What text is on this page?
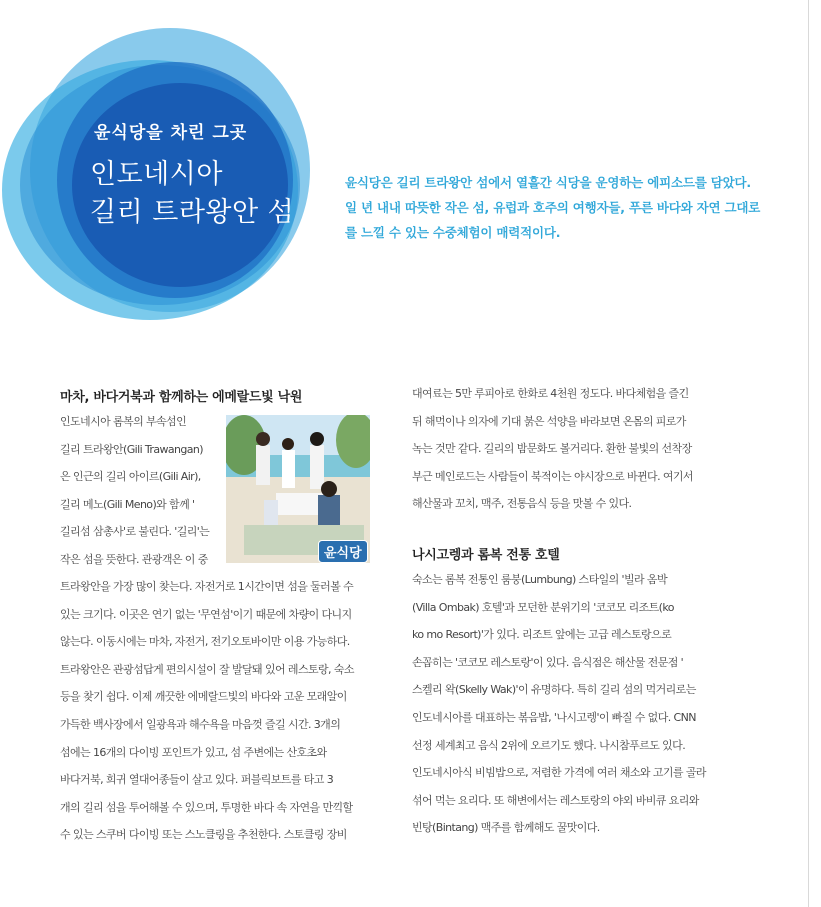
윤식당을 차린 그곳
인도네시아
길리 트라왕안 섬
윤식당은 길리 트라왕안 섬에서 열흘간 식당을 운영하는 에피소드를 담았다.
일 년 내내 따뜻한 작은 섬, 유럽과 호주의 여행자들, 푸른 바다와 자연 그대로
를 느낄 수 있는 수중체험이 매력적이다.
마차, 바다거북과 함께하는 에메랄드빛 낙원
인도네시아 롬복의 부속섬인
길리 트라왕안(Gili Trawangan)
은 인근의 길리 아이르(Gili Air),
길리 메노(Gili Meno)와 함께 '
길리섬 삼총사'로 불린다. '길리'는
작은 섬을 뜻한다. 관광객은 이 중	윤식당
트라왕안을 가장 많이 찾는다. 자전거로 1시간이면 섬을 둘러볼 수
있는 크기다. 이곳은 연기 없는 '무연섬'이기 때문에 차량이 다니지
않는다. 이동시에는 마차, 자전거, 전기오토바이만 이용 가능하다.
트라왕안은 관광섬답게 편의시설이 잘 발달돼 있어 레스토랑, 숙소
등을 찾기 쉽다. 이제 깨끗한 에메랄드빛의 바다와 고운 모래알이
가득한 백사장에서 일광욕과 해수욕을 마음껏 즐길 시간. 3개의
섬에는 16개의 다이빙 포인트가 있고, 섬 주변에는 산호초와
바다거북, 희귀 열대어종들이 살고 있다. 퍼블릭보트를 타고 3
개의 길리 섬을 투어해볼 수 있으며, 투명한 바다 속 자연을 만끽할
수 있는 스쿠버 다이빙 또는 스노클링을 추천한다. 스토클링 장비
대여료는 5만 루피아로 한화로 4천원 정도다. 바다체험을 즐긴
뒤 해먹이나 의자에 기대 붉은 석양을 바라보면 온몸의 피로가
녹는 것만 같다. 길리의 밤문화도 볼거리다. 환한 불빛의 선착장
부근 메인로드는 사람들이 북적이는 야시장으로 바뀐다. 여기서
해산물과 꼬치, 맥주, 전통음식 등을 맛볼 수 있다.
나시고렝과 롬복 전통 호텔
숙소는 롬복 전통인 룸붕(Lumbung) 스타일의 '빌라 옴박
(Villa Ombak) 호텔'과 모던한 분위기의 '코코모 리조트(ko
ko mo Resort)'가 있다. 리조트 앞에는 고급 레스토랑으로
손꼽히는 '코코모 레스토랑'이 있다. 음식점은 해산물 전문점 '
스켈리 왁(Skelly Wak)'이 유명하다. 특히 길리 섬의 먹거리로는
인도네시아를 대표하는 볶음밥, '나시고렝'이 빠질 수 없다. CNN
선정 세계최고 음식 2위에 오르기도 했다. 나시참푸르도 있다.
인도네시아식 비빔밥으로, 저렴한 가격에 여러 채소와 고기를 골라
섞어 먹는 요리다. 또 해변에서는 레스토랑의 야외 바비큐 요리와
빈탕(Bintang) 맥주를 함께해도 꿀맛이다.
